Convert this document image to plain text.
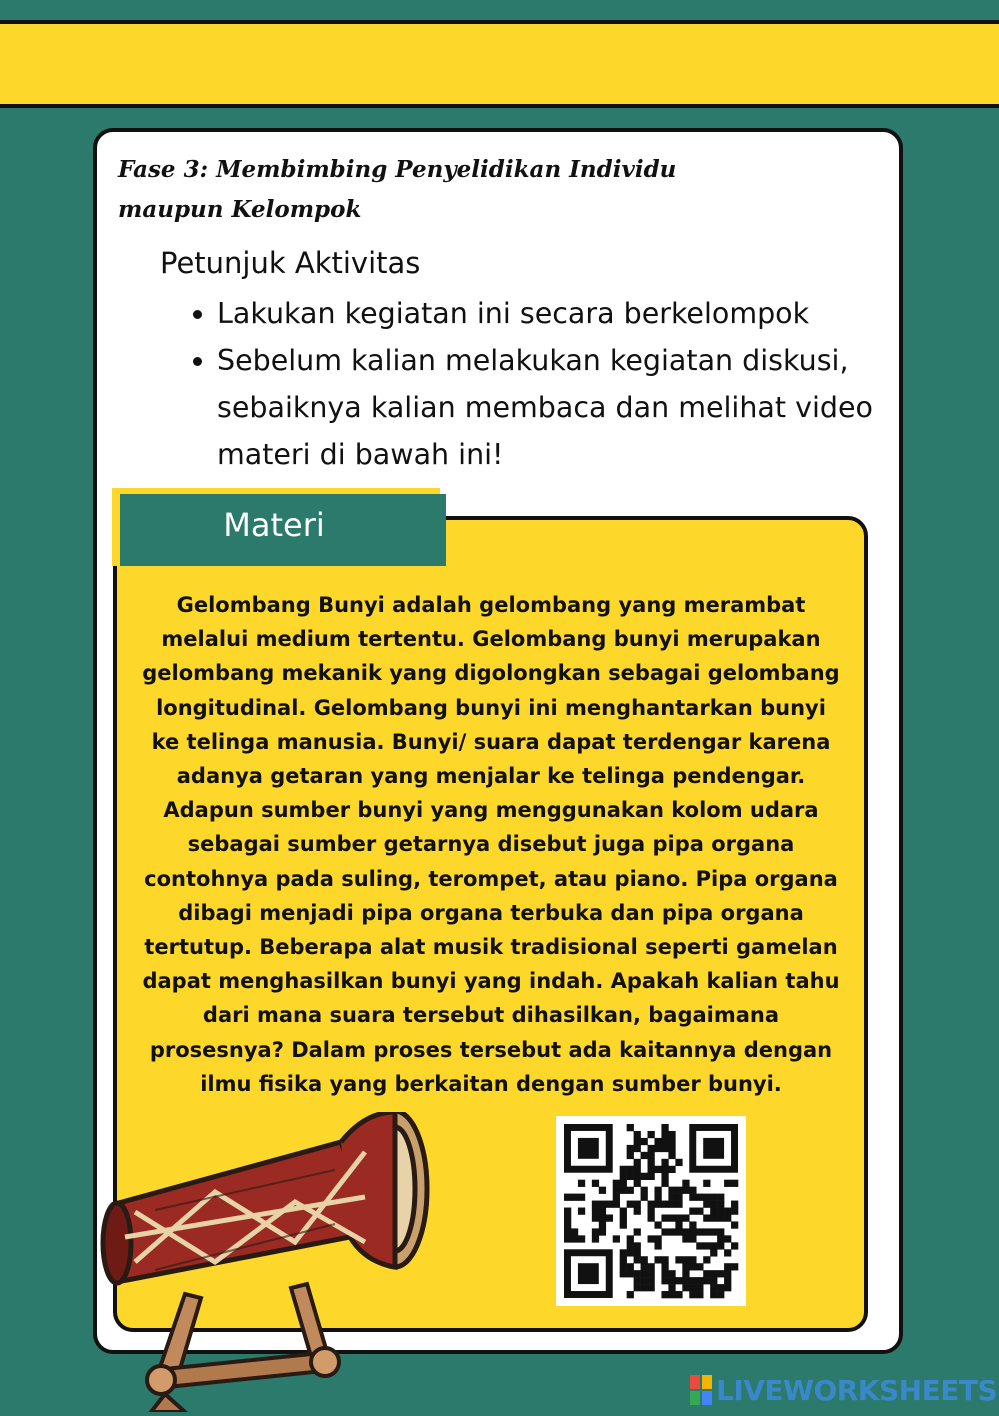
Fase 3: Membimbing Penyelidikan Individu
maupun Kelompok
Petunjuk Aktivitas
• Lakukan kegiatan ini secara berkelompok
• Sebelum kalian melakukan kegiatan diskusi, sebaiknya kalian membaca dan melihat video materi di bawah ini!
Materi
Gelombang Bunyi adalah gelombang yang merambat
melalui medium tertentu. Gelombang bunyi merupakan
gelombang mekanik yang digolongkan sebagai gelombang
longitudinal. Gelombang bunyi ini menghantarkan bunyi
ke telinga manusia. Bunyi/ suara dapat terdengar karena
adanya getaran yang menjalar ke telinga pendengar.
Adapun sumber bunyi yang menggunakan kolom udara
sebagai sumber getarnya disebut juga pipa organa
contohnya pada suling, terompet, atau piano. Pipa organa
dibagi menjadi pipa organa terbuka dan pipa organa
tertutup. Beberapa alat musik tradisional seperti gamelan
dapat menghasilkan bunyi yang indah. Apakah kalian tahu
dari mana suara tersebut dihasilkan, bagaimana
prosesnya? Dalam proses tersebut ada kaitannya dengan
ilmu fisika yang berkaitan dengan sumber bunyi.
LIVEWORKSHEETS
